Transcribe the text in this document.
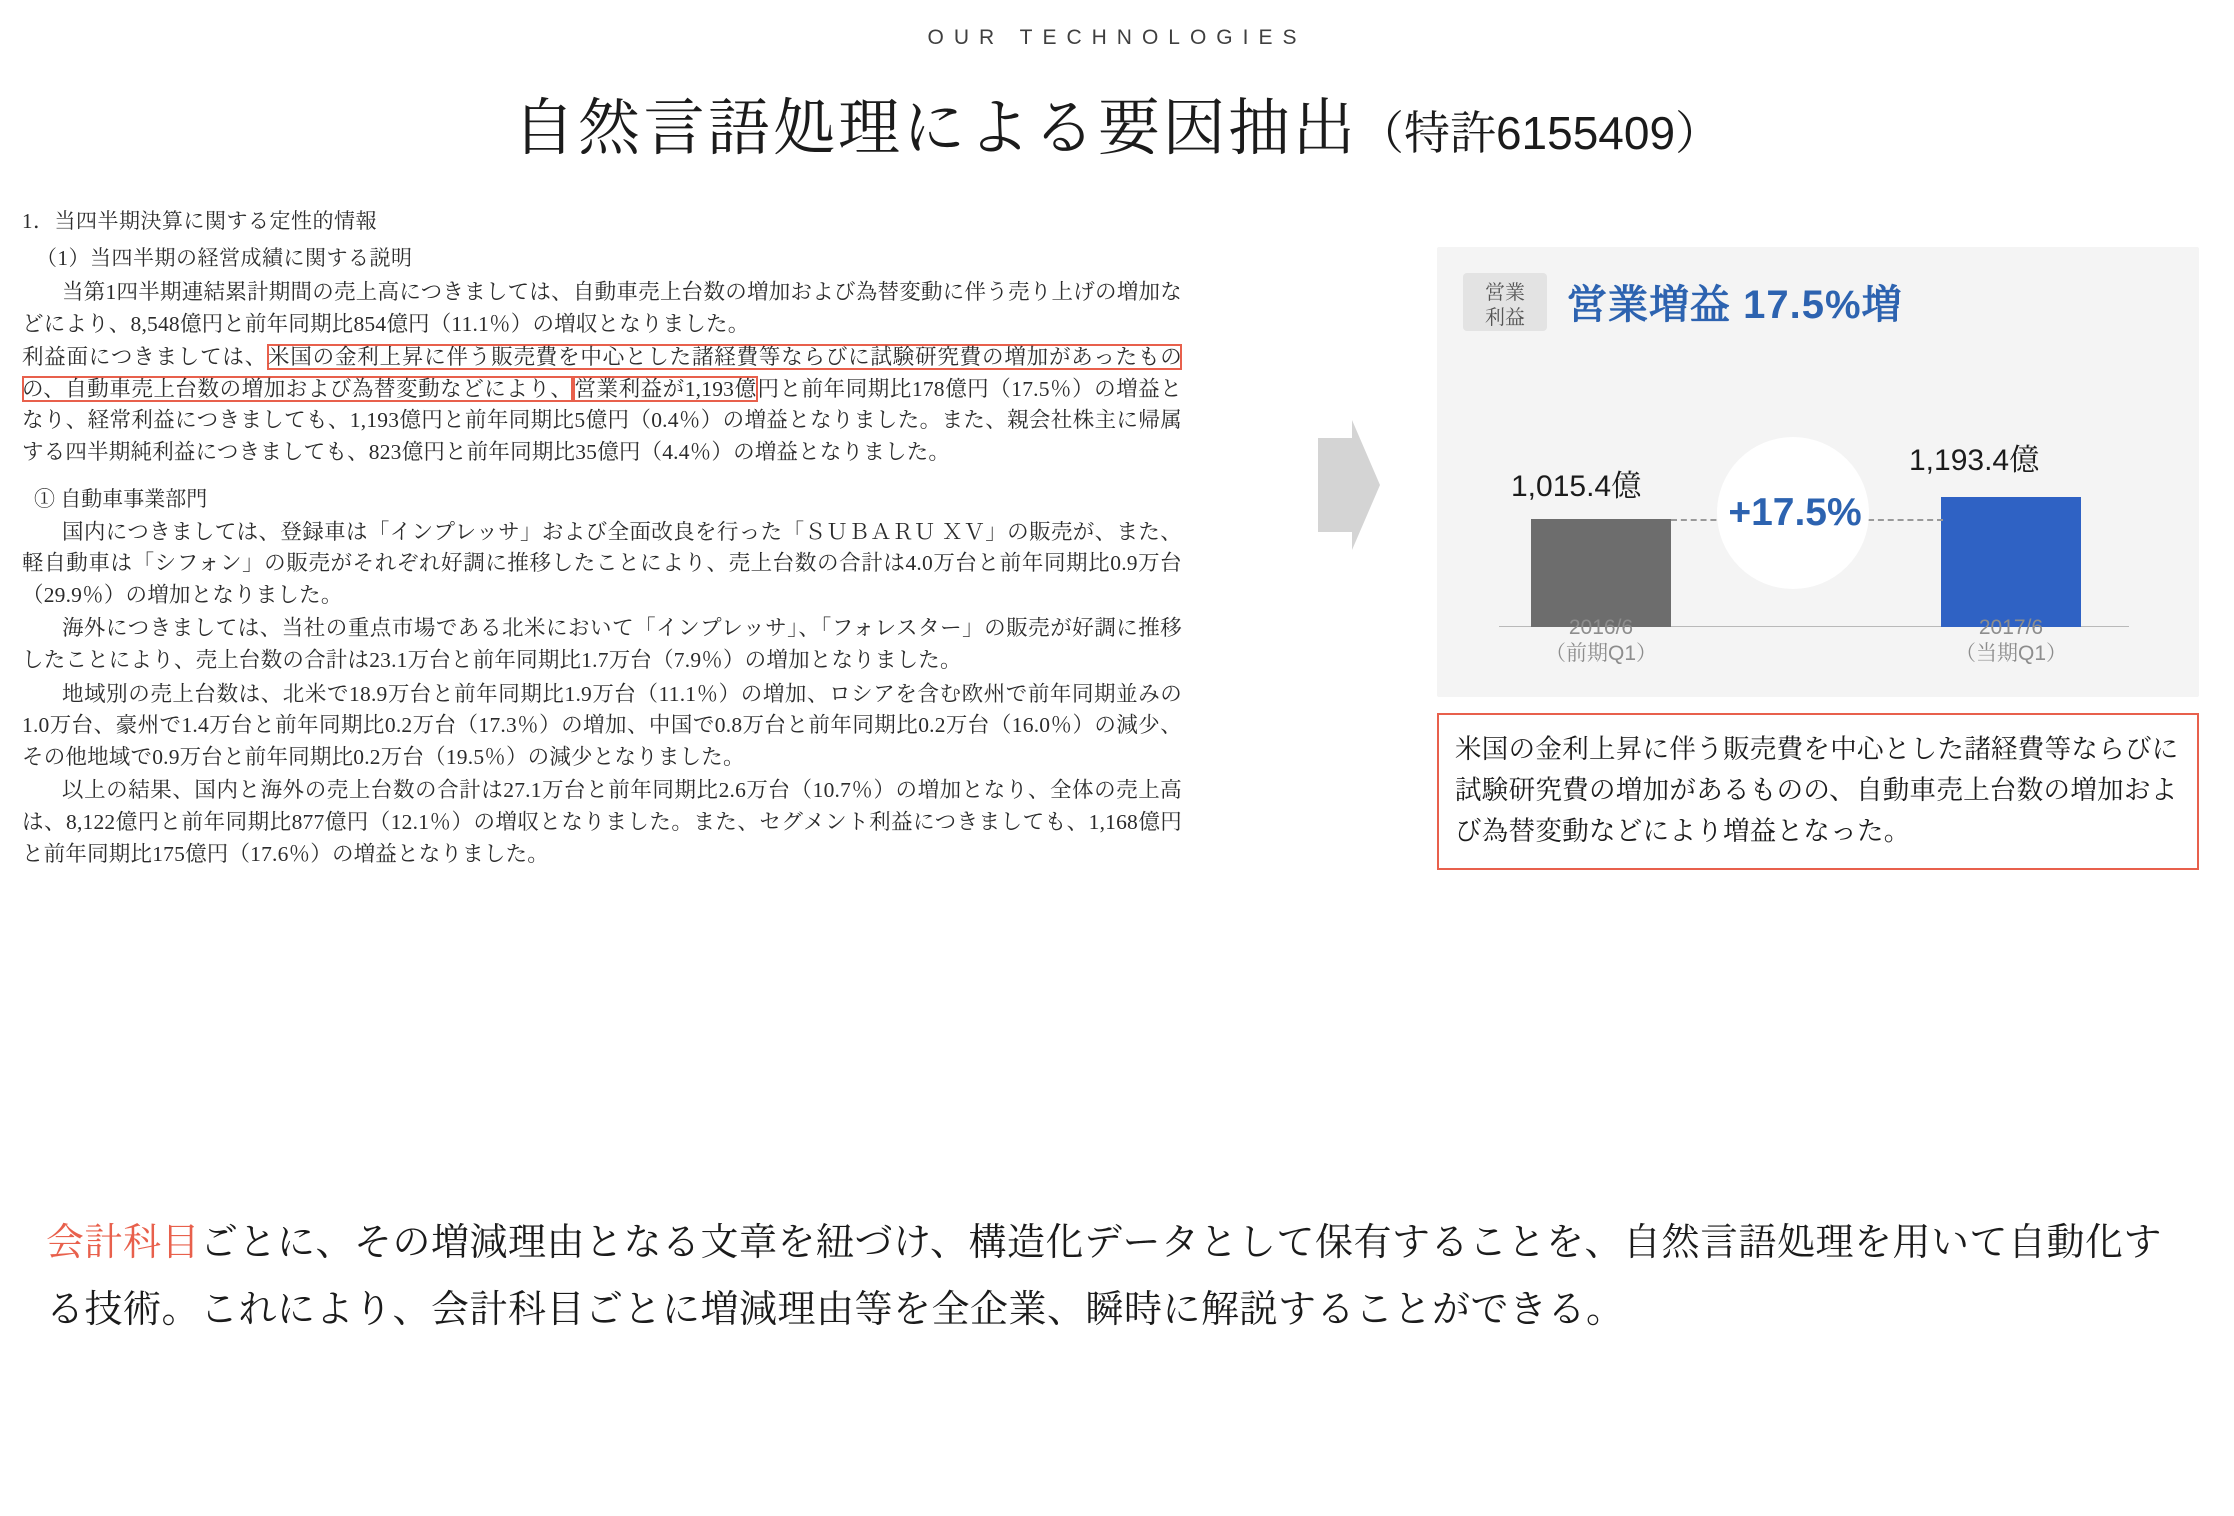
OUR TECHNOLOGIES
自然言語処理による要因抽出（特許6155409）
1．当四半期決算に関する定性的情報
（1）当四半期の経営成績に関する説明

当第1四半期連結累計期間の売上高につきましては、自動車売上台数の増加および為替変動に伴う売り上げの増加などにより、8,548億円と前年同期比854億円（11.1％）の増収となりました。

利益面につきましては、米国の金利上昇に伴う販売費を中心とした諸経費等ならびに試験研究費の増加があったものの、自動車売上台数の増加および為替変動などにより、営業利益が1,193億円と前年同期比178億円（17.5％）の増益となり、経常利益につきましても、1,193億円と前年同期比5億円（0.4％）の増益となりました。また、親会社株主に帰属する四半期純利益につきましても、823億円と前年同期比35億円（4.4％）の増益となりました。

① 自動車事業部門

国内につきましては、登録車は「インプレッサ」および全面改良を行った「ＳＵＢＡＲＵ ＸＶ」の販売が、また、軽自動車は「シフォン」の販売がそれぞれ好調に推移したことにより、売上台数の合計は4.0万台と前年同期比0.9万台（29.9％）の増加となりました。

海外につきましては、当社の重点市場である北米において「インプレッサ」、「フォレスター」の販売が好調に推移したことにより、売上台数の合計は23.1万台と前年同期比1.7万台（7.9％）の増加となりました。

地域別の売上台数は、北米で18.9万台と前年同期比1.9万台（11.1％）の増加、ロシアを含む欧州で前年同期並みの1.0万台、豪州で1.4万台と前年同期比0.2万台（17.3％）の増加、中国で0.8万台と前年同期比0.2万台（16.0％）の減少、その他地域で0.9万台と前年同期比0.2万台（19.5％）の減少となりました。

以上の結果、国内と海外の売上台数の合計は27.1万台と前年同期比2.6万台（10.7％）の増加となり、全体の売上高は、8,122億円と前年同期比877億円（12.1％）の増収となりました。また、セグメント利益につきましても、1,168億円と前年同期比175億円（17.6％）の増益となりました。

営業
利益	営業増益 17.5%増
1,015.4億
1,193.4億
+17.5%
2016/6
（前期Q1）
2017/6
（当期Q1）
米国の金利上昇に伴う販売費を中心とした諸経費等ならびに試験研究費の増加があるものの、自動車売上台数の増加および為替変動などにより増益となった。
会計科目ごとに、その増減理由となる文章を紐づけ、構造化データとして保有することを、自然言語処理を用いて自動化する技術。これにより、会計科目ごとに増減理由等を全企業、瞬時に解説することができる。
